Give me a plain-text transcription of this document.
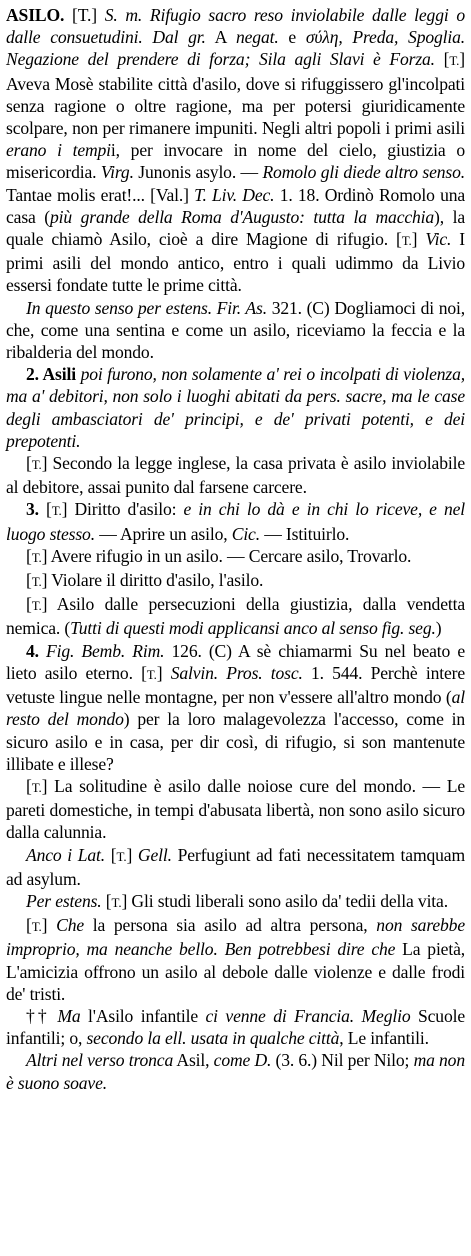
ASILO. [T.] S. m. Rifugio sacro reso inviolabile dalle leggi o dalle consuetudini. Dal gr. A negat. e σύλη, Preda, Spoglia. Negazione del prendere di forza; Sila agli Slavi è Forza. [T.] Aveva Mosè stabilite città d'asilo, dove si rifuggissero gl'incolpati senza ragione o oltre ragione, ma per potersi giuridicamente scolpare, non per rimanere impuniti. Negli altri popoli i primi asili erano i tempii, per invocare in nome del cielo, giustizia o misericordia. Virg. Junonis asylo. — Romolo gli diede altro senso. Tantae molis erat!... [Val.] T. Liv. Dec. 1. 18. Ordinò Romolo una casa (più grande della Roma d'Augusto: tutta la macchia), la quale chiamò Asilo, cioè a dire Magione di rifugio. [T.] Vic. I primi asili del mondo antico, entro i quali udimmo da Livio essersi fondate tutte le prime città.

In questo senso per estens. Fir. As. 321. (C) Dogliamoci di noi, che, come una sentina e come un asilo, riceviamo la feccia e la ribalderia del mondo.

2. Asili poi furono, non solamente a' rei o incolpati di violenza, ma a' debitori, non solo i luoghi abitati da pers. sacre, ma le case degli ambasciatori de' principi, e de' privati potenti, e dei prepotenti.

[T.] Secondo la legge inglese, la casa privata è asilo inviolabile al debitore, assai punito dal farsene carcere.

3. [T.] Diritto d'asilo: e in chi lo dà e in chi lo riceve, e nel luogo stesso. — Aprire un asilo, Cic. — Istituirlo.

[T.] Avere rifugio in un asilo. — Cercare asilo, Trovarlo.

[T.] Violare il diritto d'asilo, l'asilo.

[T.] Asilo dalle persecuzioni della giustizia, dalla vendetta nemica. (Tutti di questi modi applicansi anco al senso fig. seg.)

4. Fig. Bemb. Rim. 126. (C) A sè chiamarmi Su nel beato e lieto asilo eterno. [T.] Salvin. Pros. tosc. 1. 544. Perchè intere vetuste lingue nelle montagne, per non v'essere all'altro mondo (al resto del mondo) per la loro malagevolezza l'accesso, come in sicuro asilo e in casa, per dir così, di rifugio, si son mantenute illibate e illese?

[T.] La solitudine è asilo dalle noiose cure del mondo. — Le pareti domestiche, in tempi d'abusata libertà, non sono asilo sicuro dalla calunnia.

Anco i Lat. [T.] Gell. Perfugiunt ad fati necessitatem tamquam ad asylum.

Per estens. [T.] Gli studi liberali sono asilo da' tedii della vita.

[T.] Che la persona sia asilo ad altra persona, non sarebbe improprio, ma neanche bello. Ben potrebbesi dire che La pietà, L'amicizia offrono un asilo al debole dalle violenze e dalle frodi de' tristi.

†† Ma l'Asilo infantile ci venne di Francia. Meglio Scuole infantili; o, secondo la ell. usata in qualche città, Le infantili.

Altri nel verso tronca Asil, come D. (3. 6.) Nil per Nilo; ma non è suono soave.
